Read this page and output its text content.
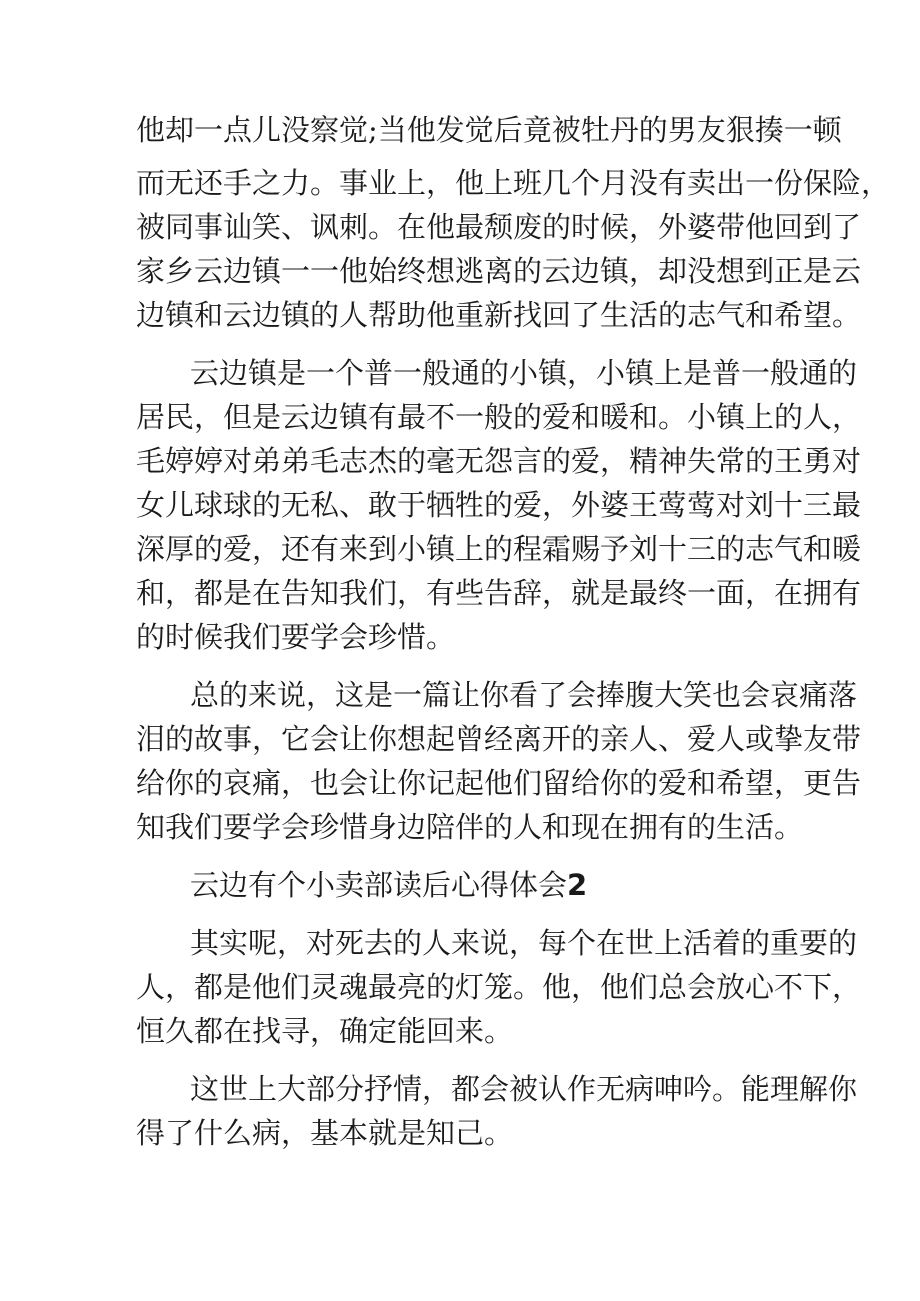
他却一点儿没察觉;当他发觉后竟被牡丹的男友狠揍一顿
而无还手之力。事业上，他上班几个月没有卖出一份保险，
被同事讪笑、讽刺。在他最颓废的时候，外婆带他回到了
家乡云边镇一一他始终想逃离的云边镇，却没想到正是云
边镇和云边镇的人帮助他重新找回了生活的志气和希望。
云边镇是一个普一般通的小镇，小镇上是普一般通的
居民，但是云边镇有最不一般的爱和暖和。小镇上的人，
毛婷婷对弟弟毛志杰的毫无怨言的爱，精神失常的王勇对
女儿球球的无私、敢于牺牲的爱，外婆王莺莺对刘十三最
深厚的爱，还有来到小镇上的程霜赐予刘十三的志气和暖
和，都是在告知我们，有些告辞，就是最终一面，在拥有
的时候我们要学会珍惜。
总的来说，这是一篇让你看了会捧腹大笑也会哀痛落
泪的故事，它会让你想起曾经离开的亲人、爱人或挚友带
给你的哀痛，也会让你记起他们留给你的爱和希望，更告
知我们要学会珍惜身边陪伴的人和现在拥有的生活。
云边有个小卖部读后心得体会2
其实呢，对死去的人来说，每个在世上活着的重要的
人，都是他们灵魂最亮的灯笼。他，他们总会放心不下，
恒久都在找寻，确定能回来。
这世上大部分抒情，都会被认作无病呻吟。能理解你
得了什么病，基本就是知己。
